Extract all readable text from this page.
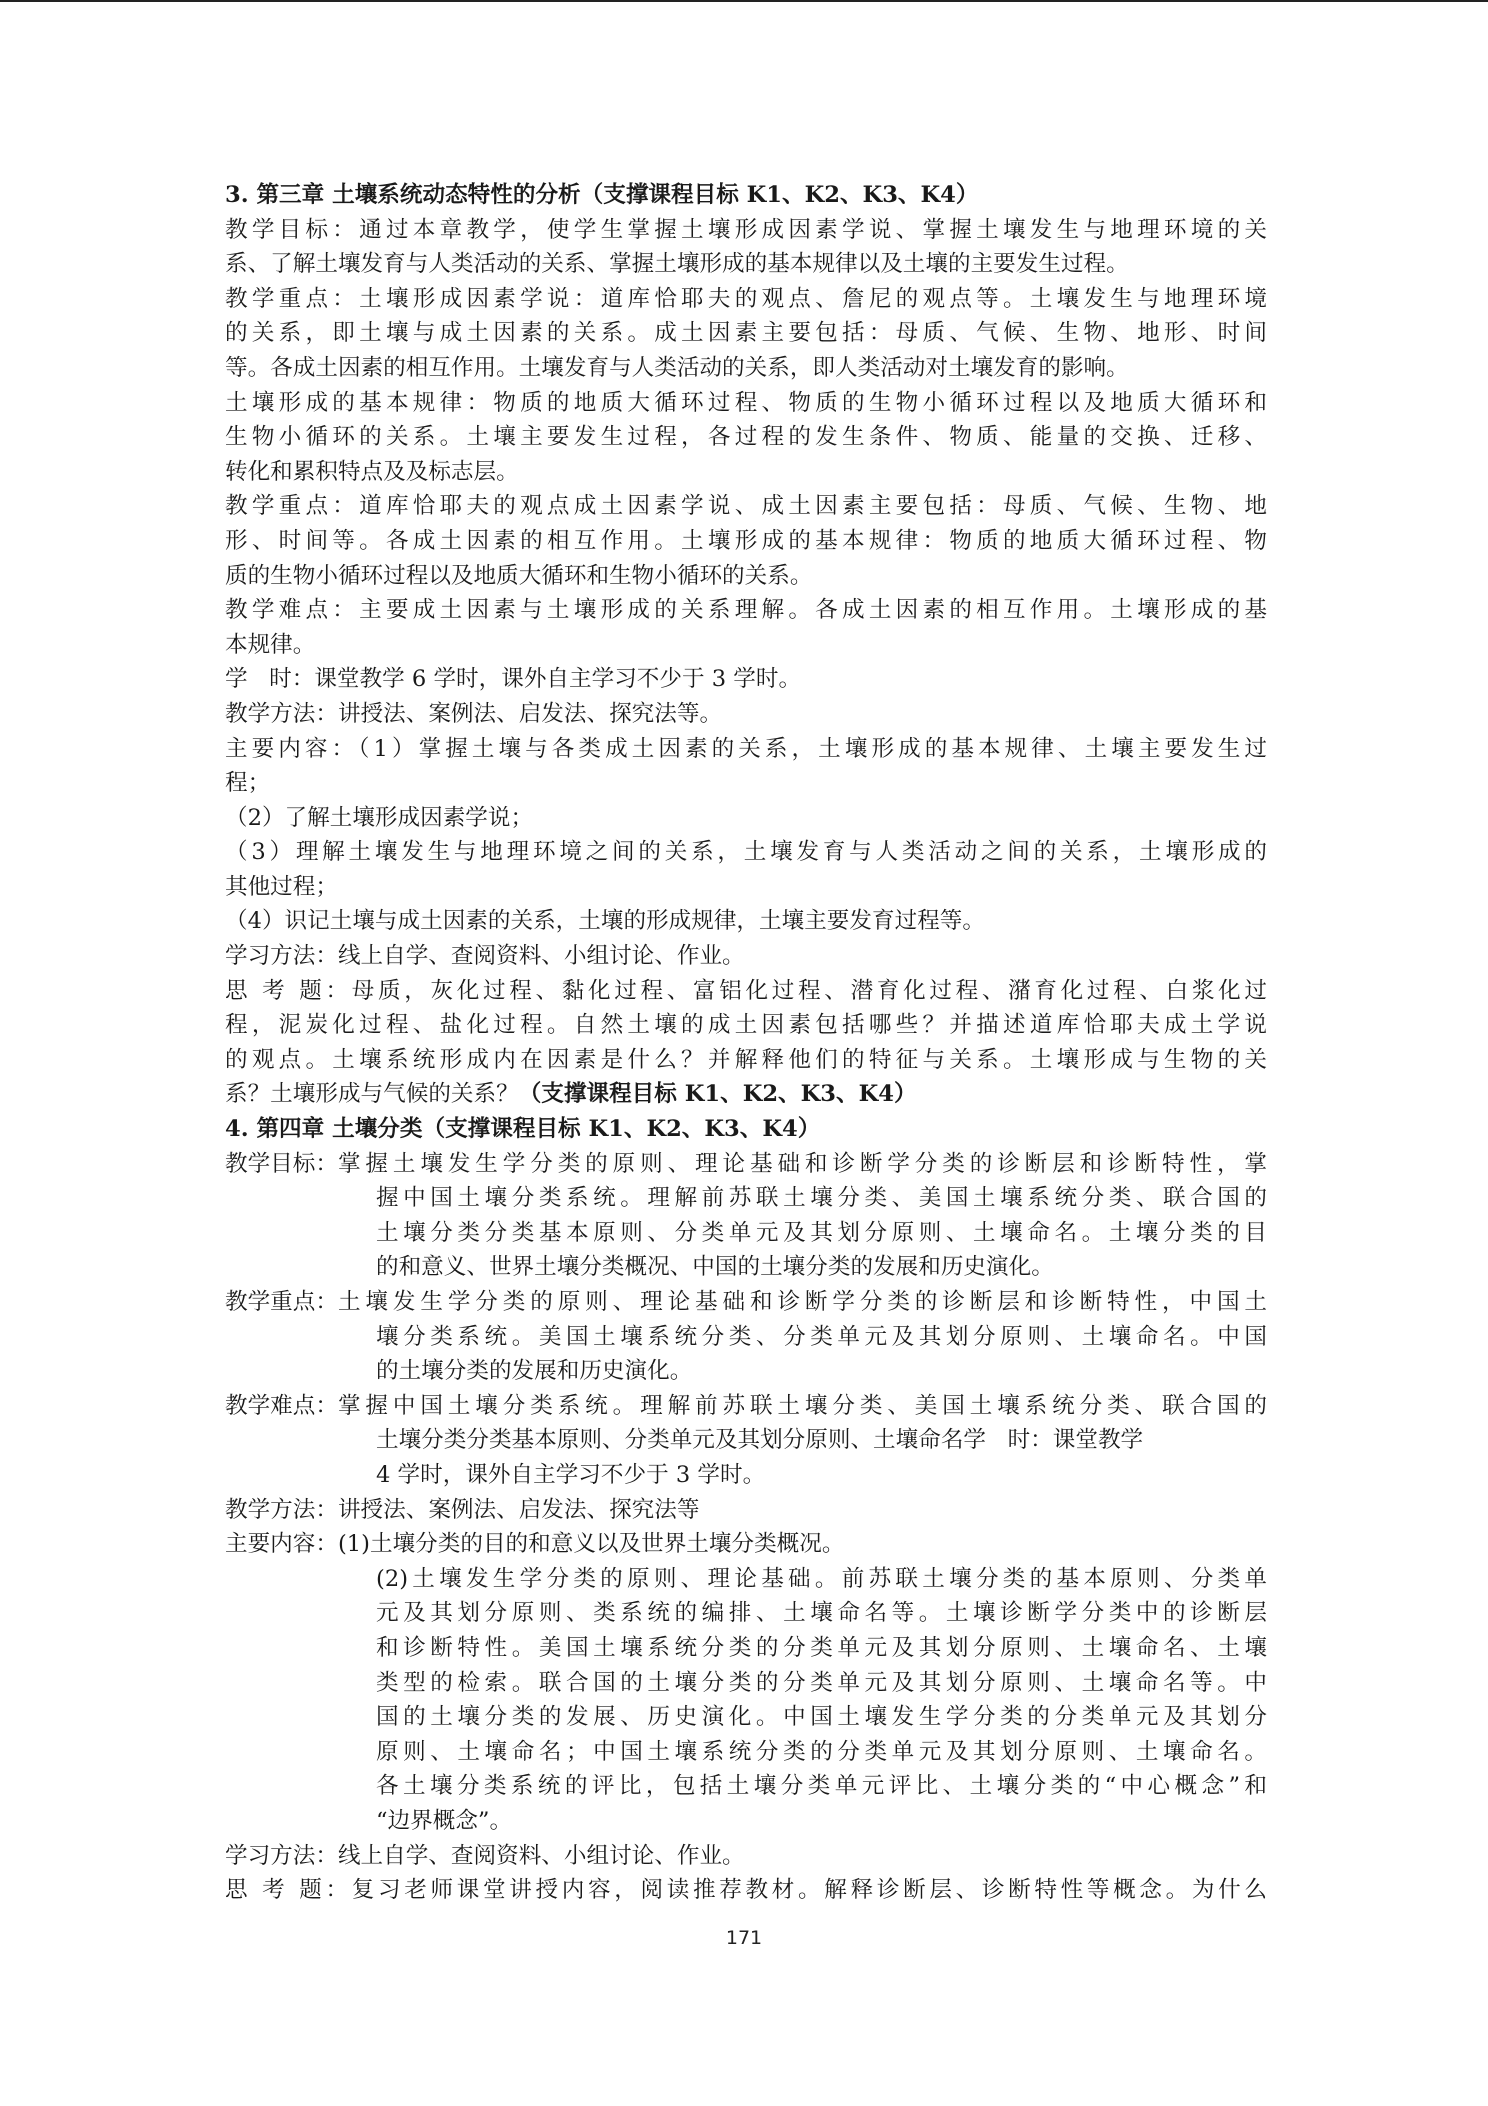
3. 第三章 土壤系统动态特性的分析（支撑课程目标 K1、K2、K3、K4）
教学目标：通过本章教学，使学生掌握土壤形成因素学说、掌握土壤发生与地理环境的关
系、了解土壤发育与人类活动的关系、掌握土壤形成的基本规律以及土壤的主要发生过程。
教学重点：土壤形成因素学说：道库恰耶夫的观点、詹尼的观点等。土壤发生与地理环境
的关系，即土壤与成土因素的关系。成土因素主要包括：母质、气候、生物、地形、时间
等。各成土因素的相互作用。土壤发育与人类活动的关系，即人类活动对土壤发育的影响。
土壤形成的基本规律：物质的地质大循环过程、物质的生物小循环过程以及地质大循环和
生物小循环的关系。土壤主要发生过程，各过程的发生条件、物质、能量的交换、迁移、
转化和累积特点及及标志层。
教学重点：道库恰耶夫的观点成土因素学说、成土因素主要包括：母质、气候、生物、地
形、时间等。各成土因素的相互作用。土壤形成的基本规律：物质的地质大循环过程、物
质的生物小循环过程以及地质大循环和生物小循环的关系。
教学难点：主要成土因素与土壤形成的关系理解。各成土因素的相互作用。土壤形成的基
本规律。
学   时：课堂教学 6 学时，课外自主学习不少于 3 学时。
教学方法：讲授法、案例法、启发法、探究法等。
主要内容：（1）掌握土壤与各类成土因素的关系，土壤形成的基本规律、土壤主要发生过
程；
（2）了解土壤形成因素学说；
（3）理解土壤发生与地理环境之间的关系，土壤发育与人类活动之间的关系，土壤形成的
其他过程；
（4）识记土壤与成土因素的关系，土壤的形成规律，土壤主要发育过程等。
学习方法：线上自学、查阅资料、小组讨论、作业。
思 考 题：母质，灰化过程、黏化过程、富铝化过程、潜育化过程、潴育化过程、白浆化过
程，泥炭化过程、盐化过程。自然土壤的成土因素包括哪些？并描述道库恰耶夫成土学说
的观点。土壤系统形成内在因素是什么？并解释他们的特征与关系。土壤形成与生物的关
系？土壤形成与气候的关系？（支撑课程目标 K1、K2、K3、K4）
4. 第四章 土壤分类（支撑课程目标 K1、K2、K3、K4）
教学目标： 掌握土壤发生学分类的原则、理论基础和诊断学分类的诊断层和诊断特性，掌
握中国土壤分类系统。理解前苏联土壤分类、美国土壤系统分类、联合国的
土壤分类分类基本原则、分类单元及其划分原则、土壤命名。土壤分类的目
的和意义、世界土壤分类概况、中国的土壤分类的发展和历史演化。
教学重点： 土壤发生学分类的原则、理论基础和诊断学分类的诊断层和诊断特性，中国土
壤分类系统。美国土壤系统分类、分类单元及其划分原则、土壤命名。中国
的土壤分类的发展和历史演化。
教学难点： 掌握中国土壤分类系统。理解前苏联土壤分类、美国土壤系统分类、联合国的
土壤分类分类基本原则、分类单元及其划分原则、土壤命名学   时：课堂教学
4 学时，课外自主学习不少于 3 学时。
教学方法：讲授法、案例法、启发法、探究法等
主要内容： (1)土壤分类的目的和意义以及世界土壤分类概况。
(2)土壤发生学分类的原则、理论基础。前苏联土壤分类的基本原则、分类单
元及其划分原则、类系统的编排、土壤命名等。土壤诊断学分类中的诊断层
和诊断特性。美国土壤系统分类的分类单元及其划分原则、土壤命名、土壤
类型的检索。联合国的土壤分类的分类单元及其划分原则、土壤命名等。中
国的土壤分类的发展、历史演化。中国土壤发生学分类的分类单元及其划分
原则、土壤命名；中国土壤系统分类的分类单元及其划分原则、土壤命名。
各土壤分类系统的评比，包括土壤分类单元评比、土壤分类的“中心概念”和
“边界概念”。
学习方法：线上自学、查阅资料、小组讨论、作业。
思 考 题：复习老师课堂讲授内容，阅读推荐教材。解释诊断层、诊断特性等概念。为什么
171
